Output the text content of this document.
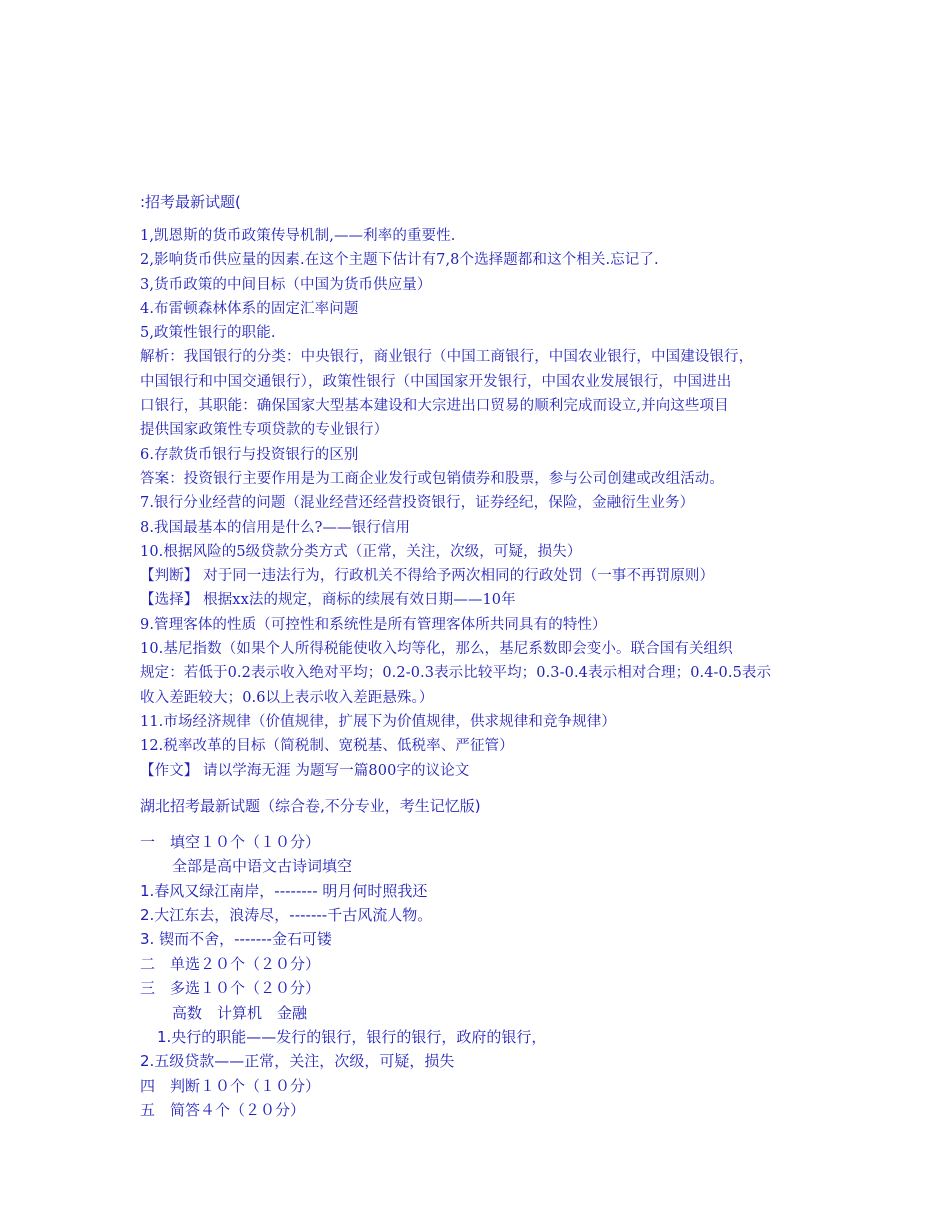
:招考最新试题(
1,凯恩斯的货币政策传导机制,——利率的重要性.
2,影响货币供应量的因素.在这个主题下估计有7,8个选择题都和这个相关.忘记了.
3,货币政策的中间目标（中国为货币供应量）
4.布雷顿森林体系的固定汇率问题
5,政策性银行的职能.
解析：我国银行的分类：中央银行，商业银行（中国工商银行，中国农业银行，中国建设银行，
中国银行和中国交通银行），政策性银行（中国国家开发银行，中国农业发展银行，中国进出
口银行，其职能：确保国家大型基本建设和大宗进出口贸易的顺利完成而设立,并向这些项目
提供国家政策性专项贷款的专业银行）
6.存款货币银行与投资银行的区别
答案：投资银行主要作用是为工商企业发行或包销债券和股票，参与公司创建或改组活动。
7.银行分业经营的问题（混业经营还经营投资银行，证券经纪，保险，金融衍生业务）
8.我国最基本的信用是什么?——银行信用
10.根据风险的5级贷款分类方式（正常，关注，次级，可疑，损失）
【判断】 对于同一违法行为，行政机关不得给予两次相同的行政处罚（一事不再罚原则）
【选择】 根据xx法的规定，商标的续展有效日期——10年
9.管理客体的性质（可控性和系统性是所有管理客体所共同具有的特性）
10.基尼指数（如果个人所得税能使收入均等化，那么，基尼系数即会变小。联合国有关组织
规定：若低于0.2表示收入绝对平均；0.2-0.3表示比较平均；0.3-0.4表示相对合理；0.4-0.5表示
收入差距较大；0.6以上表示收入差距悬殊。）
11.市场经济规律（价值规律，扩展下为价值规律，供求规律和竞争规律）
12.税率改革的目标（简税制、宽税基、低税率、严征管）
【作文】 请以学海无涯 为题写一篇800字的议论文
湖北招考最新试题（综合卷,不分专业，考生记忆版)
一　填空１０个（１０分）
全部是高中语文古诗词填空
1.春风又绿江南岸，-------- 明月何时照我还
2.大江东去，浪涛尽，-------千古风流人物。
3. 锲而不舍，-------金石可镂
二　单选２０个（２０分）
三　多选１０个（２０分）
高数　计算机　金融
1.央行的职能——发行的银行，银行的银行，政府的银行，
2.五级贷款——正常，关注，次级，可疑，损失
四　判断１０个（１０分）
五　简答４个（２０分）
